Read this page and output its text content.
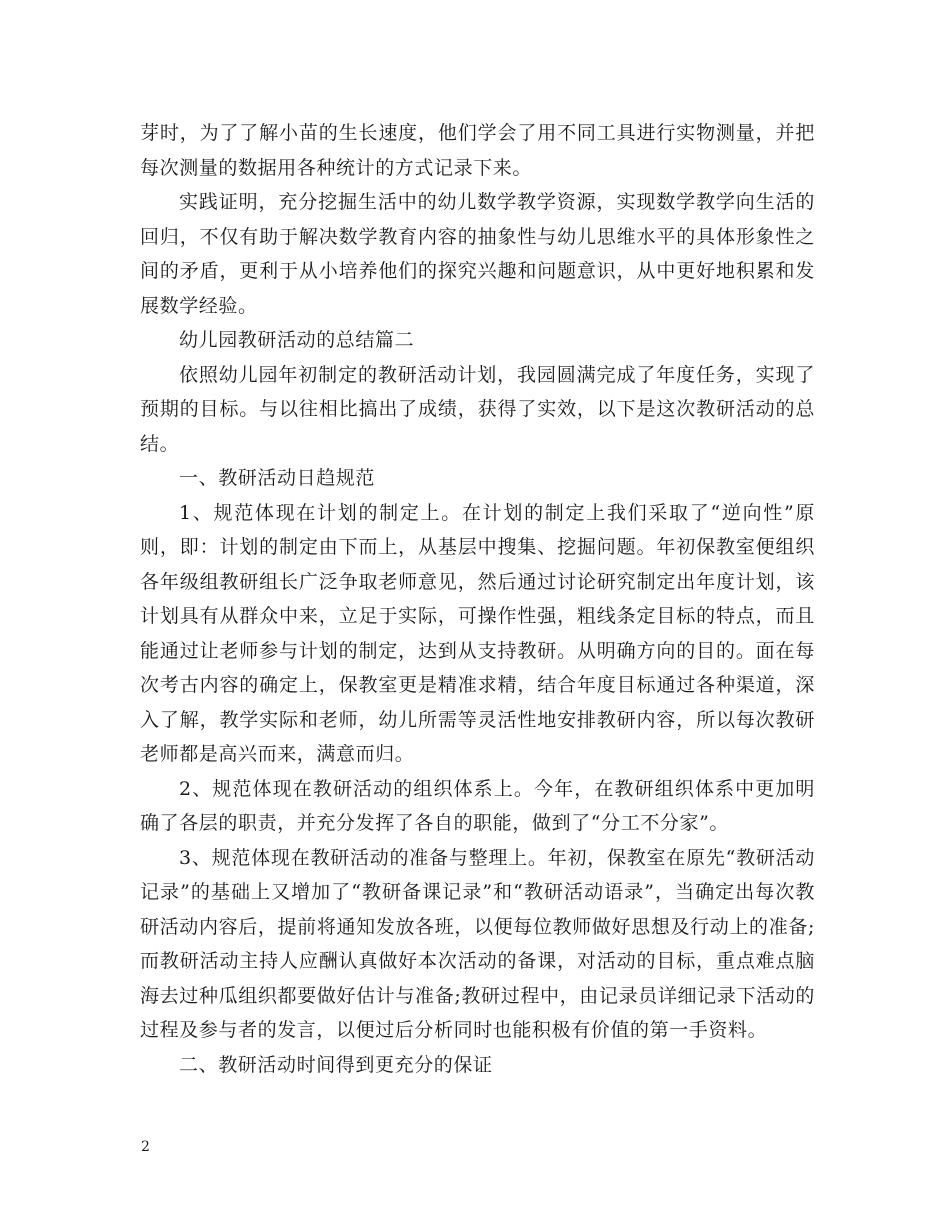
芽时，为了了解小苗的生长速度，他们学会了用不同工具进行实物测量，并把每次测量的数据用各种统计的方式记录下来。

实践证明，充分挖掘生活中的幼儿数学教学资源，实现数学教学向生活的回归，不仅有助于解决数学教育内容的抽象性与幼儿思维水平的具体形象性之间的矛盾，更利于从小培养他们的探究兴趣和问题意识，从中更好地积累和发展数学经验。

幼儿园教研活动的总结篇二

依照幼儿园年初制定的教研活动计划，我园圆满完成了年度任务，实现了预期的目标。与以往相比搞出了成绩，获得了实效，以下是这次教研活动的总结。

一、教研活动日趋规范

1、规范体现在计划的制定上。在计划的制定上我们采取了“逆向性”原则，即：计划的制定由下而上，从基层中搜集、挖掘问题。年初保教室便组织各年级组教研组长广泛争取老师意见，然后通过讨论研究制定出年度计划，该计划具有从群众中来，立足于实际，可操作性强，粗线条定目标的特点，而且能通过让老师参与计划的制定，达到从支持教研。从明确方向的目的。面在每次考古内容的确定上，保教室更是精准求精，结合年度目标通过各种渠道，深入了解，教学实际和老师，幼儿所需等灵活性地安排教研内容，所以每次教研老师都是高兴而来，满意而归。

2、规范体现在教研活动的组织体系上。今年，在教研组织体系中更加明确了各层的职责，并充分发挥了各自的职能，做到了“分工不分家”。

3、规范体现在教研活动的准备与整理上。年初，保教室在原先“教研活动记录”的基础上又增加了“教研备课记录”和“教研活动语录”，当确定出每次教研活动内容后，提前将通知发放各班，以便每位教师做好思想及行动上的准备;而教研活动主持人应酬认真做好本次活动的备课，对活动的目标，重点难点脑海去过种瓜组织都要做好估计与准备;教研过程中，由记录员详细记录下活动的过程及参与者的发言，以便过后分析同时也能积极有价值的第一手资料。

二、教研活动时间得到更充分的保证

2
